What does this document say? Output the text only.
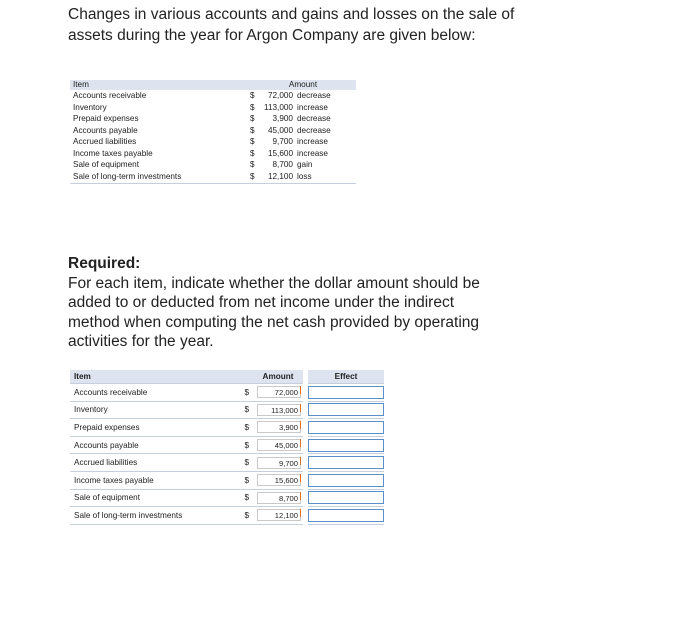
Changes in various accounts and gains and losses on the sale of assets during the year for Argon Company are given below:
Item	Amount
Accounts receivable	$ 72,000 decrease
Inventory	$ 113,000 increase
Prepaid expenses	$ 3,900 decrease
Accounts payable	$ 45,000 decrease
Accrued liabilities	$ 9,700 increase
Income taxes payable	$ 15,600 increase
Sale of equipment	$ 8,700 gain
Sale of long-term investments	$ 12,100 loss
Required:
For each item, indicate whether the dollar amount should be added to or deducted from net income under the indirect method when computing the net cash provided by operating activities for the year.
Item		Amount		Effect
Accounts receivable	$	72,000		

Inventory	$	113,000		

Prepaid expenses	$	3,900		

Accounts payable	$	45,000		

Accrued liabilities	$	9,700		

Income taxes payable	$	15,600		

Sale of equipment	$	8,700		

Sale of long-term investments	$	12,100		
